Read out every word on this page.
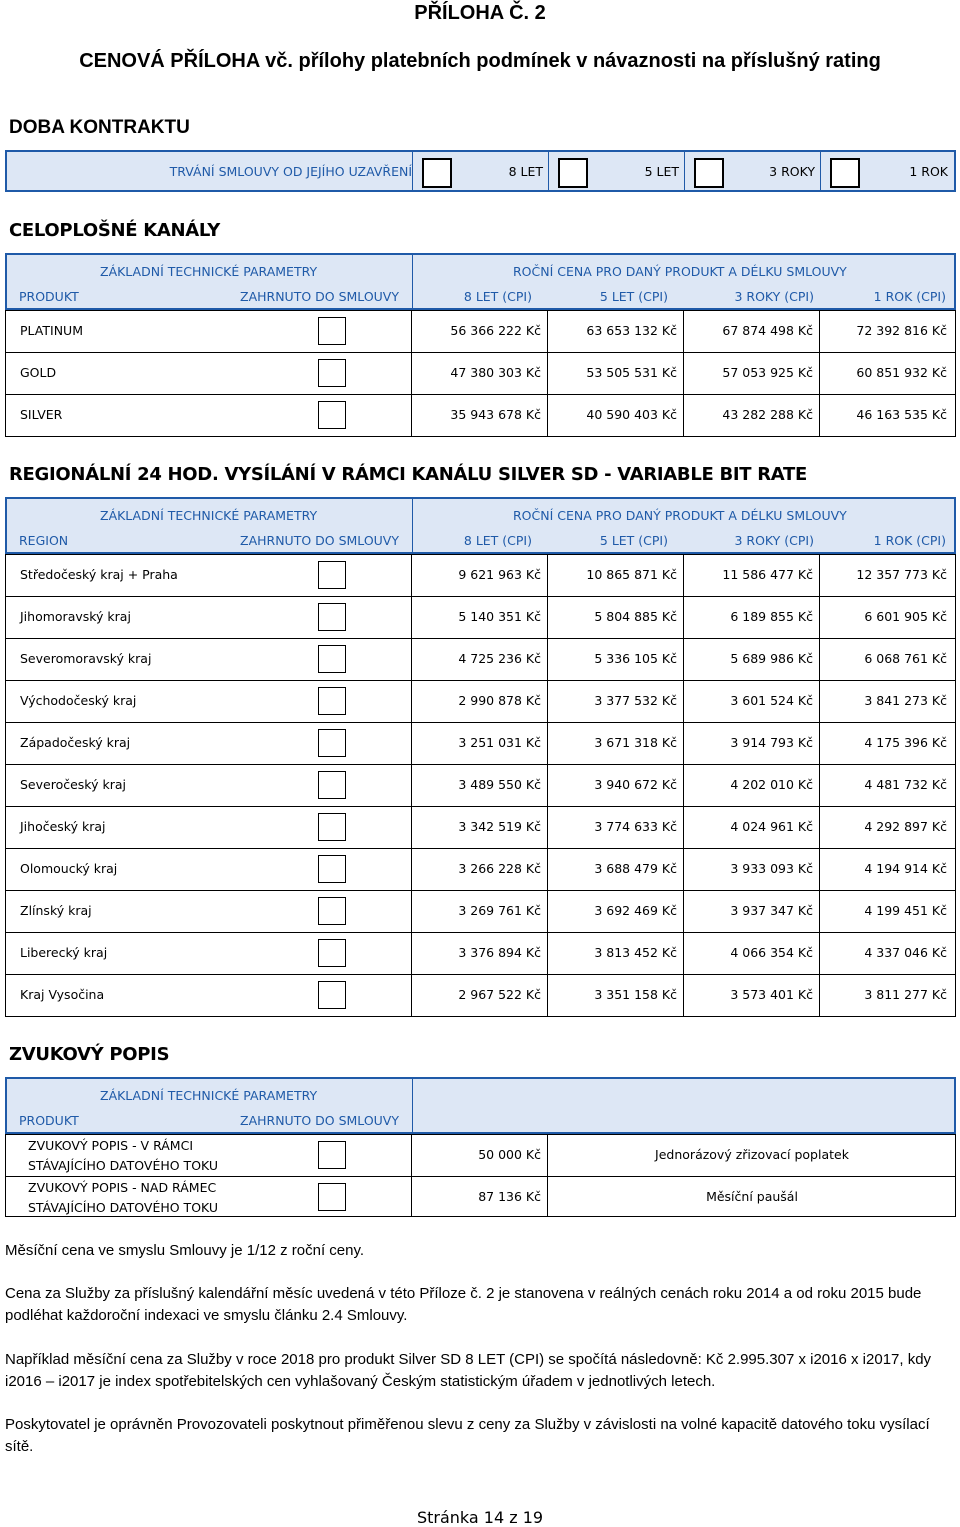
PŘÍLOHA Č. 2
CENOVÁ PŘÍLOHA vč. přílohy platebních podmínek v návaznosti na příslušný rating
DOBA KONTRAKTU
TRVÁNÍ SMLOUVY OD JEJÍHO UZAVŘENÍ	8 LET	5 LET	3 ROKY	1 ROK
CELOPLOŠNÉ KANÁLY
ZÁKLADNÍ TECHNICKÉ PARAMETRY	ROČNÍ CENA PRO DANÝ PRODUKT A DÉLKU SMLOUVY
PRODUKT	ZAHRNUTO DO SMLOUVY	8 LET (CPI)	5 LET (CPI)	3 ROKY (CPI)	1 ROK (CPI)
PLATINUM	56 366 222 Kč	63 653 132 Kč	67 874 498 Kč	72 392 816 Kč
GOLD	47 380 303 Kč	53 505 531 Kč	57 053 925 Kč	60 851 932 Kč
SILVER	35 943 678 Kč	40 590 403 Kč	43 282 288 Kč	46 163 535 Kč
REGIONÁLNÍ 24 HOD. VYSÍLÁNÍ V RÁMCI KANÁLU SILVER SD - VARIABLE BIT RATE
ZÁKLADNÍ TECHNICKÉ PARAMETRY	ROČNÍ CENA PRO DANÝ PRODUKT A DÉLKU SMLOUVY
REGION	ZAHRNUTO DO SMLOUVY	8 LET (CPI)	5 LET (CPI)	3 ROKY (CPI)	1 ROK (CPI)
Středočeský kraj + Praha	9 621 963 Kč	10 865 871 Kč	11 586 477 Kč	12 357 773 Kč
Jihomoravský kraj	5 140 351 Kč	5 804 885 Kč	6 189 855 Kč	6 601 905 Kč
Severomoravský kraj	4 725 236 Kč	5 336 105 Kč	5 689 986 Kč	6 068 761 Kč
Východočeský kraj	2 990 878 Kč	3 377 532 Kč	3 601 524 Kč	3 841 273 Kč
Západočeský kraj	3 251 031 Kč	3 671 318 Kč	3 914 793 Kč	4 175 396 Kč
Severočeský kraj	3 489 550 Kč	3 940 672 Kč	4 202 010 Kč	4 481 732 Kč
Jihočeský kraj	3 342 519 Kč	3 774 633 Kč	4 024 961 Kč	4 292 897 Kč
Olomoucký kraj	3 266 228 Kč	3 688 479 Kč	3 933 093 Kč	4 194 914 Kč
Zlínský kraj	3 269 761 Kč	3 692 469 Kč	3 937 347 Kč	4 199 451 Kč
Liberecký kraj	3 376 894 Kč	3 813 452 Kč	4 066 354 Kč	4 337 046 Kč
Kraj Vysočina	2 967 522 Kč	3 351 158 Kč	3 573 401 Kč	3 811 277 Kč
ZVUKOVÝ POPIS
ZÁKLADNÍ TECHNICKÉ PARAMETRY
PRODUKT	ZAHRNUTO DO SMLOUVY
ZVUKOVÝ POPIS - V RÁMCI
STÁVAJÍCÍHO DATOVÉHO TOKU
50 000 Kč	Jednorázový zřizovací poplatek
ZVUKOVÝ POPIS - NAD RÁMEC
STÁVAJÍCÍHO DATOVÉHO TOKU
87 136 Kč	Měsíční paušál
Měsíční cena ve smyslu Smlouvy je 1/12 z roční ceny.
Cena za Služby za příslušný kalendářní měsíc uvedená v této Příloze č. 2 je stanovena v reálných cenách roku 2014 a od roku 2015 bude podléhat každoroční indexaci ve smyslu článku 2.4 Smlouvy.
Například měsíční cena za Služby v roce 2018 pro produkt Silver SD 8 LET (CPI) se spočítá následovně: Kč 2.995.307 x i2016 x i2017, kdy i2016 – i2017 je index spotřebitelských cen vyhlašovaný Českým statistickým úřadem v jednotlivých letech.
Poskytovatel je oprávněn Provozovateli poskytnout přiměřenou slevu z ceny za Služby v závislosti na volné kapacitě datového toku vysílací sítě.
Stránka 14 z 19
